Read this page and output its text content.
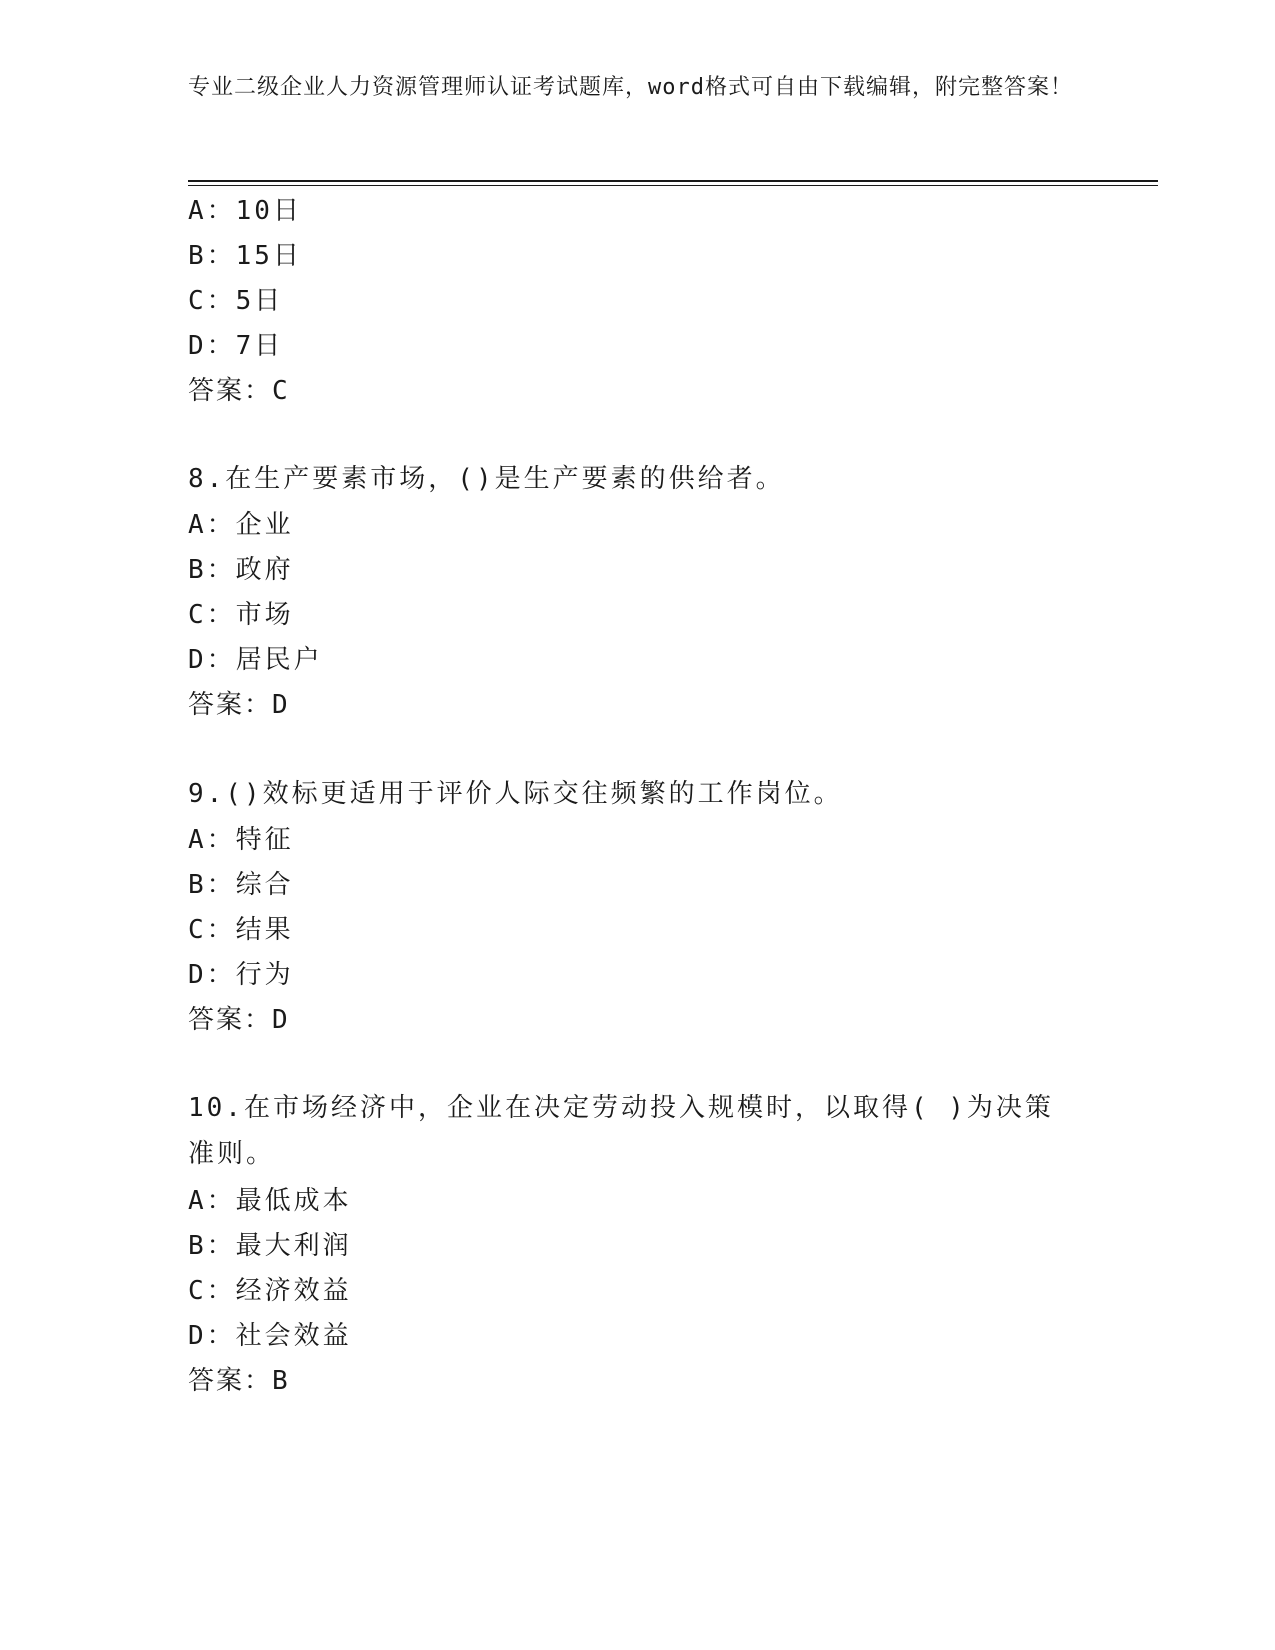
专业二级企业人力资源管理师认证考试题库，word格式可自由下载编辑，附完整答案！
A：10日
B：15日
C：5日
D：7日
答案：C
8.在生产要素市场，()是生产要素的供给者。
A：企业
B：政府
C：市场
D：居民户
答案：D
9.()效标更适用于评价人际交往频繁的工作岗位。
A：特征
B：综合
C：结果
D：行为
答案：D
10.在市场经济中，企业在决定劳动投入规模时，以取得( )为决策准则。
A：最低成本
B：最大利润
C：经济效益
D：社会效益
答案：B
